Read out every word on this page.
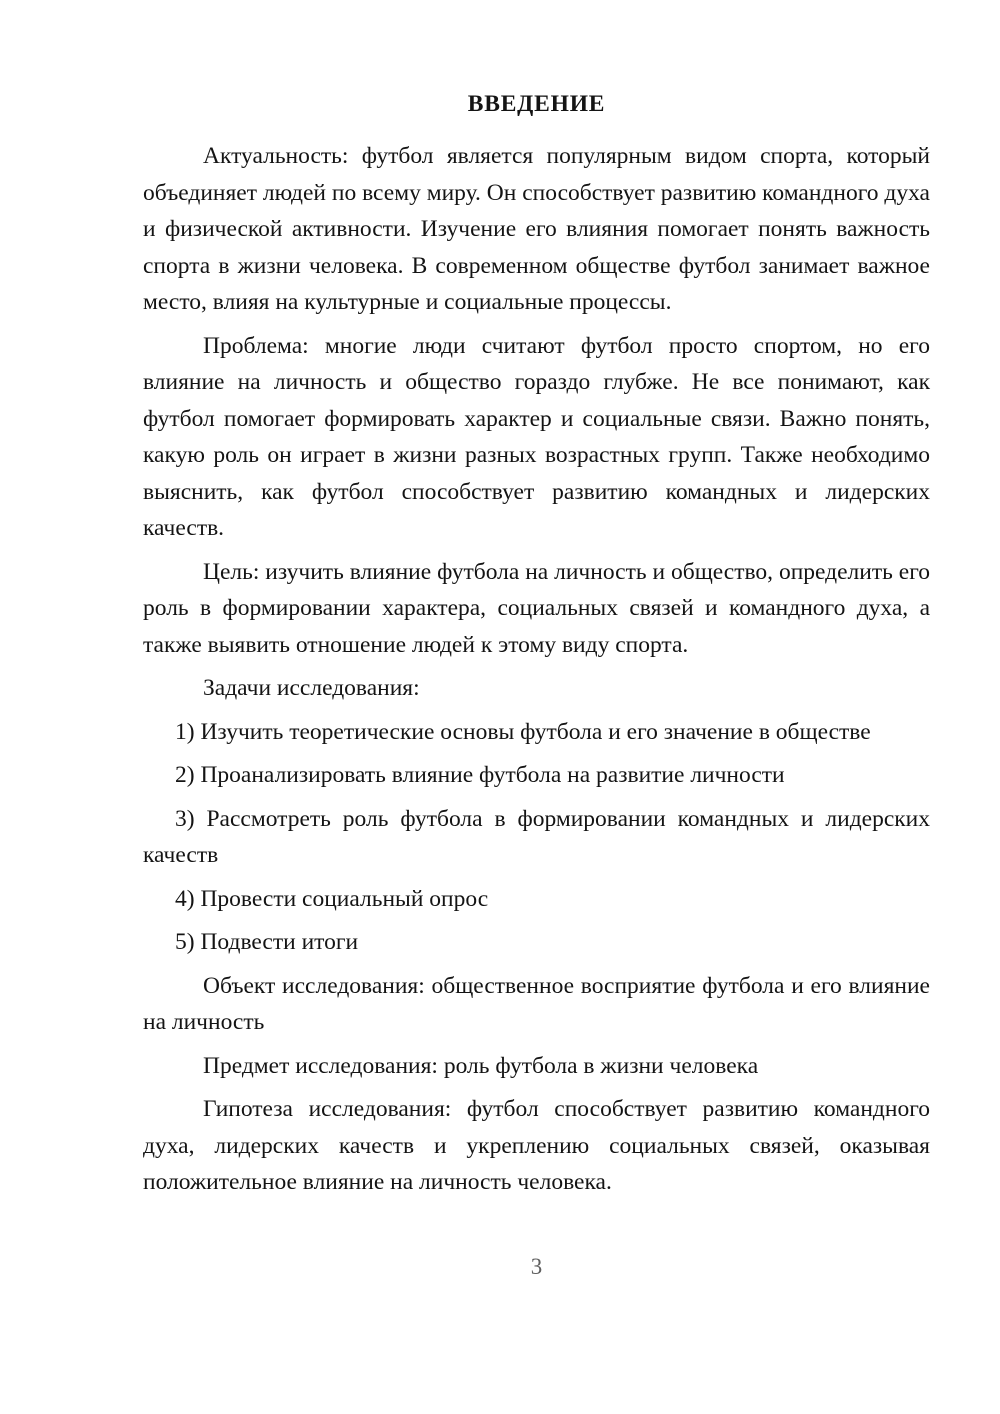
ВВЕДЕНИЕ

Актуальность: футбол является популярным видом спорта, который объединяет людей по всему миру. Он способствует развитию командного духа и физической активности. Изучение его влияния помогает понять важность спорта в жизни человека. В современном обществе футбол занимает важное место, влияя на культурные и социальные процессы.

Проблема: многие люди считают футбол просто спортом, но его влияние на личность и общество гораздо глубже. Не все понимают, как футбол помогает формировать характер и социальные связи. Важно понять, какую роль он играет в жизни разных возрастных групп. Также необходимо выяснить, как футбол способствует развитию командных и лидерских качеств.

Цель: изучить влияние футбола на личность и общество, определить его роль в формировании характера, социальных связей и командного духа, а также выявить отношение людей к этому виду спорта.

Задачи исследования:

1) Изучить теоретические основы футбола и его значение в обществе

2) Проанализировать влияние футбола на развитие личности

3) Рассмотреть роль футбола в формировании командных и лидерских качеств

4) Провести социальный опрос

5) Подвести итоги

Объект исследования: общественное восприятие футбола и его влияние на личность

Предмет исследования: роль футбола в жизни человека

Гипотеза исследования: футбол способствует развитию командного духа, лидерских качеств и укреплению социальных связей, оказывая положительное влияние на личность человека.

3
